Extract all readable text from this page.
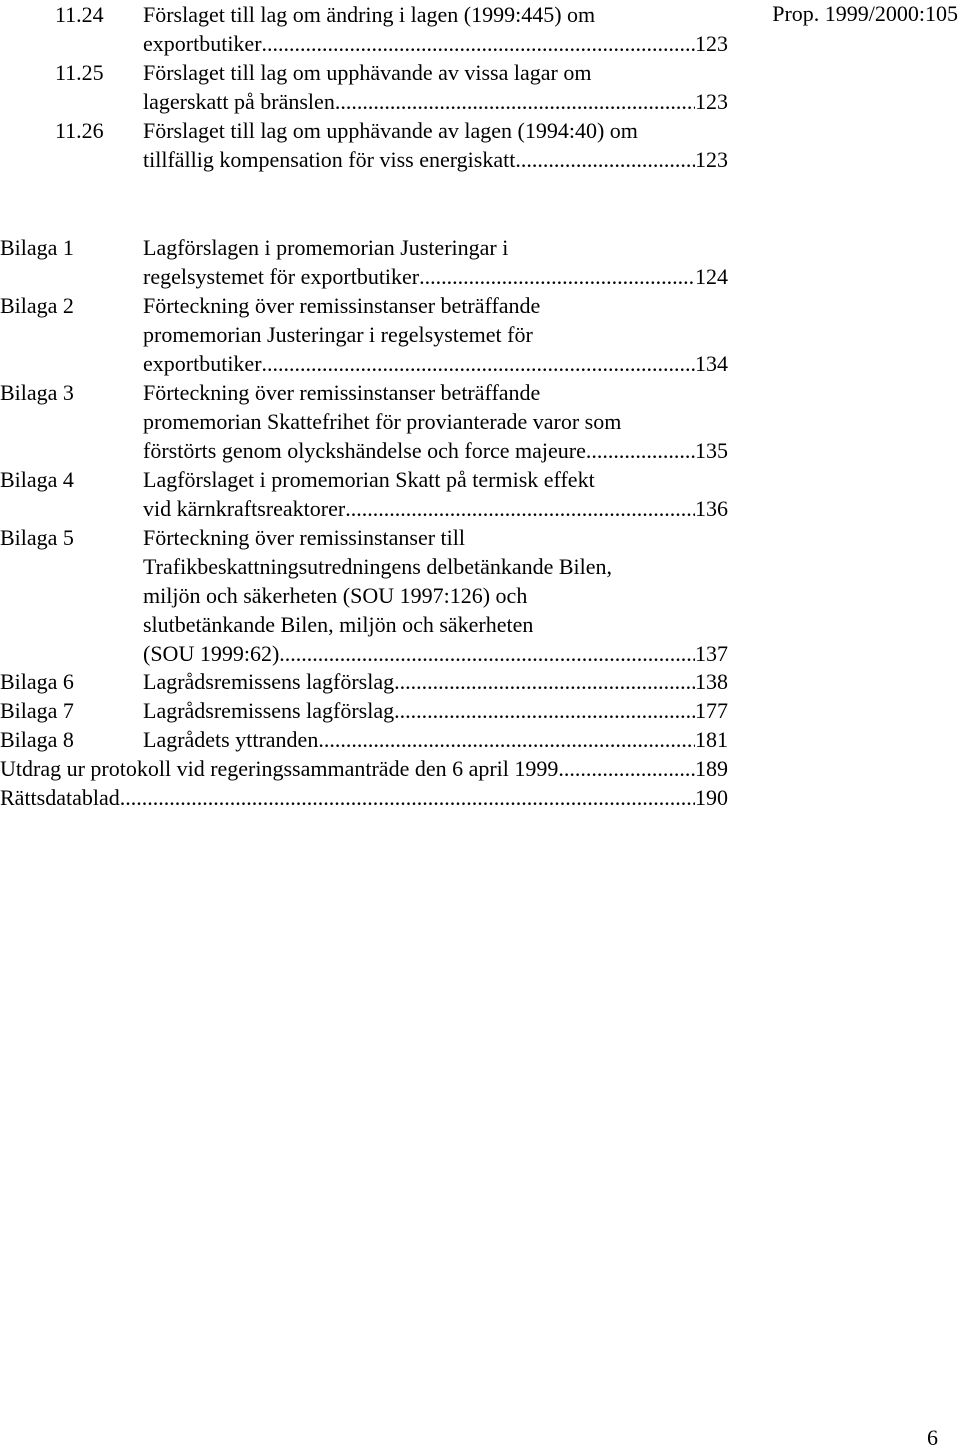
Prop. 1999/2000:105
11.24 Förslaget till lag om ändring i lagen (1999:445) om
exportbutiker .....	123
11.25 Förslaget till lag om upphävande av vissa lagar om
lagerskatt på bränslen .....	123
11.26 Förslaget till lag om upphävande av lagen (1994:40) om
tillfällig kompensation för viss energiskatt .....	123
Bilaga 1	Lagförslagen i promemorian Justeringar i
regelsystemet för exportbutiker .....	124
Bilaga 2	Förteckning över remissinstanser beträffande
promemorian Justeringar i regelsystemet för
exportbutiker .....	134
Bilaga 3	Förteckning över remissinstanser beträffande
promemorian Skattefrihet för provianterade varor som
förstörts genom olyckshändelse och force majeure .....	135
Bilaga 4	Lagförslaget i promemorian Skatt på termisk effekt
vid kärnkraftsreaktorer .....	136
Bilaga 5	Förteckning över remissinstanser till
Trafikbeskattningsutredningens delbetänkande Bilen,
miljön och säkerheten (SOU 1997:126) och
slutbetänkande Bilen, miljön och säkerheten
(SOU 1999:62) .....	137
Bilaga 6	Lagrådsremissens lagförslag .....	138
Bilaga 7	Lagrådsremissens lagförslag .....	177
Bilaga 8	Lagrådets yttranden .....	181
Utdrag ur protokoll vid regeringssammanträde den 6 april 1999 .....	189
Rättsdatablad .....	190
6
